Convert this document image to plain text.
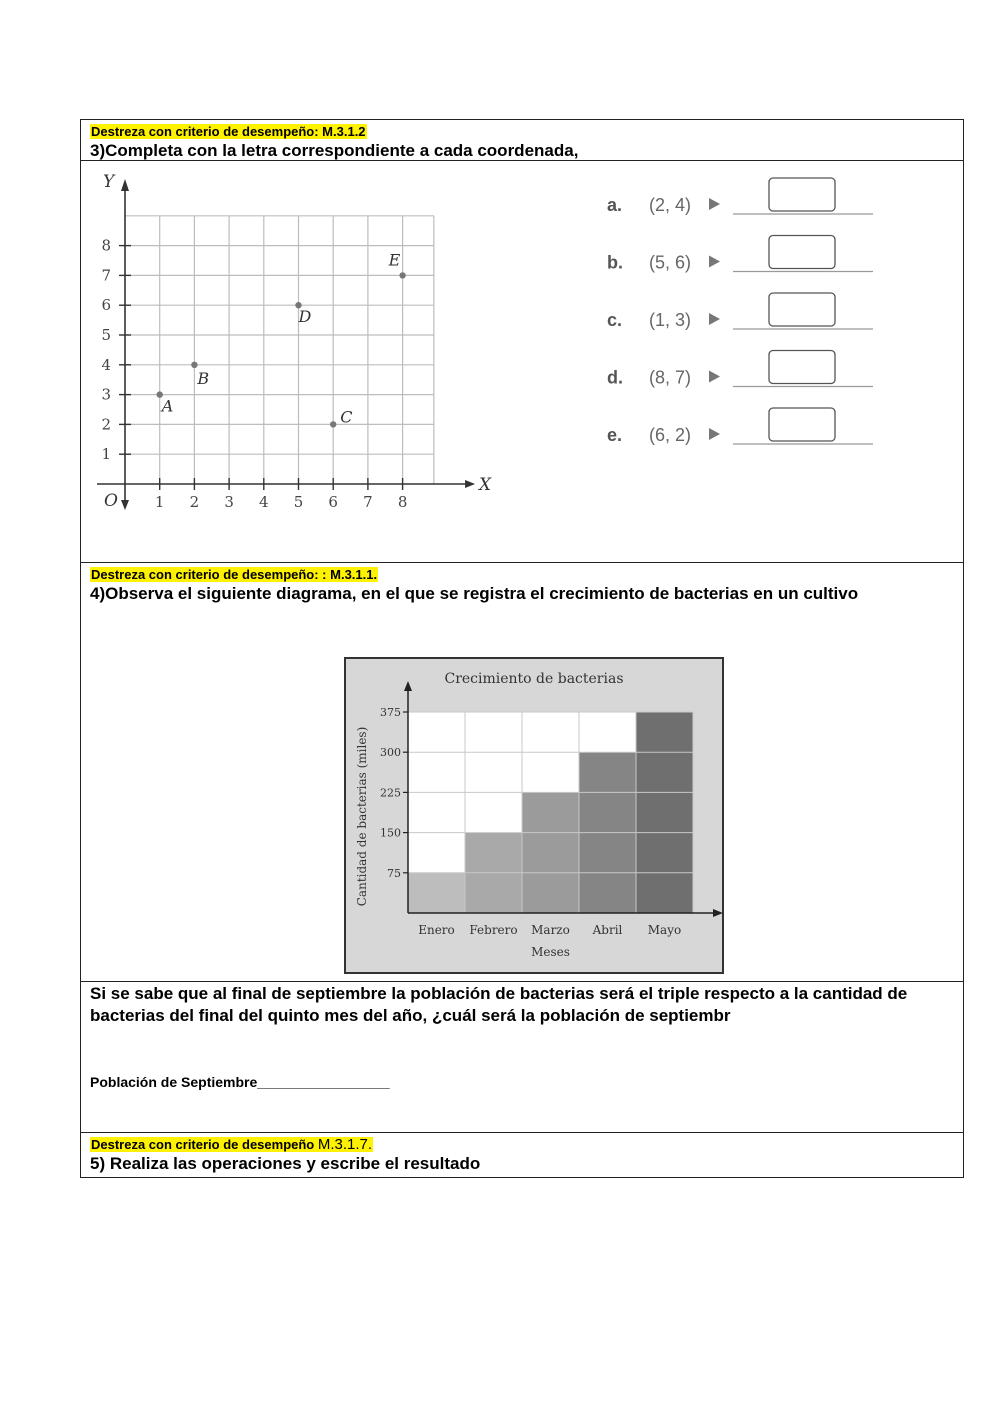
Destreza con criterio de desempeño: M.3.1.2
3)Completa con la letra correspondiente a cada coordenada,
Y
X
O 1 2 3 4 5 6 7 8
1
2
3
4
5
6
7
8
A
B
C
D
E
a. (2, 4)
b. (5, 6)
c. (1, 3)
d. (8, 7)
e. (6, 2)
Destreza con criterio de desempeño: : M.3.1.1.
4)Observa el siguiente diagrama, en el que se registra el crecimiento de bacterias en un cultivo
Crecimiento de bacterias
75
150
225
300
375
Enero Febrero Marzo Abril Mayo
Meses
Cantidad de bacterias (miles)
Si se sabe que al final de septiembre la población de bacterias será el triple respecto a la cantidad de bacterias del final del quinto mes del año, ¿cuál será la población de septiembr
Población de Septiembre_________________
Destreza con criterio de desempeño M.3.1.7.
5) Realiza las operaciones y escribe el resultado
